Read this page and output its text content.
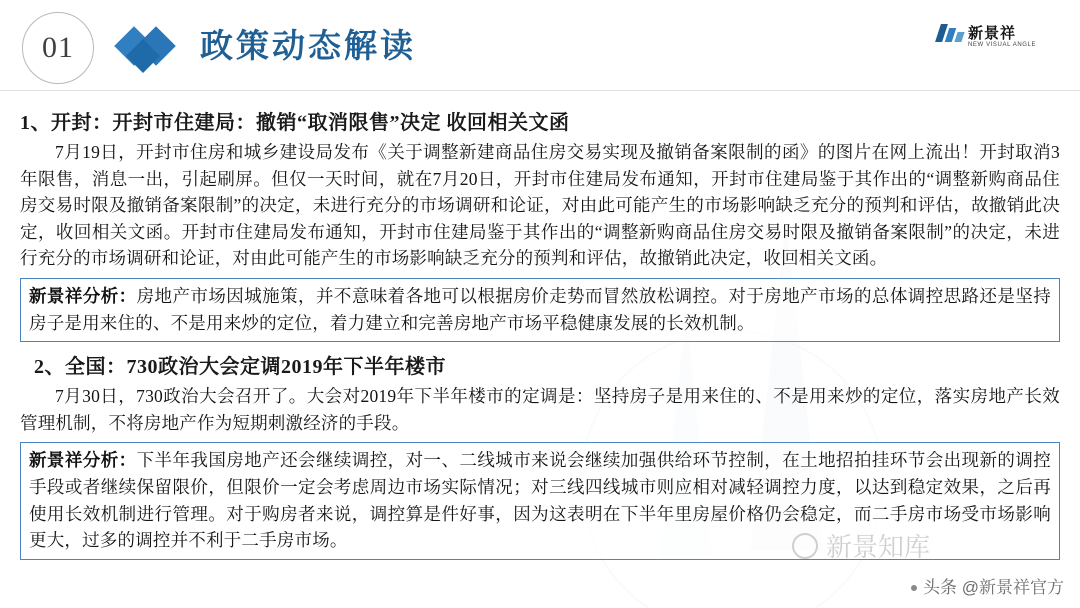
01	政策动态解读	新景祥
NEW VISUAL ANGLE
1、开封：开封市住建局：撤销“取消限售”决定 收回相关文函
7月19日，开封市住房和城乡建设局发布《关于调整新建商品住房交易实现及撤销备案限制的函》的图片在网上流出！开封取消3年限售，消息一出，引起刷屏。但仅一天时间，就在7月20日，开封市住建局发布通知，开封市住建局鉴于其作出的“调整新购商品住房交易时限及撤销备案限制”的决定，未进行充分的市场调研和论证，对由此可能产生的市场影响缺乏充分的预判和评估，故撤销此决定，收回相关文函。开封市住建局发布通知，开封市住建局鉴于其作出的“调整新购商品住房交易时限及撤销备案限制”的决定，未进行充分的市场调研和论证，对由此可能产生的市场影响缺乏充分的预判和评估，故撤销此决定，收回相关文函。
新景祥分析：房地产市场因城施策，并不意味着各地可以根据房价走势而冒然放松调控。对于房地产市场的总体调控思路还是坚持房子是用来住的、不是用来炒的定位，着力建立和完善房地产市场平稳健康发展的长效机制。
2、全国：730政治大会定调2019年下半年楼市
7月30日，730政治大会召开了。大会对2019年下半年楼市的定调是：坚持房子是用来住的、不是用来炒的定位，落实房地产长效管理机制，不将房地产作为短期刺激经济的手段。
新景祥分析：下半年我国房地产还会继续调控，对一、二线城市来说会继续加强供给环节控制，在土地招拍挂环节会出现新的调控手段或者继续保留限价，但限价一定会考虑周边市场实际情况；对三线四线城市则应相对减轻调控力度，以达到稳定效果，之后再使用长效机制进行管理。对于购房者来说，调控算是件好事，因为这表明在下半年里房屋价格仍会稳定，而二手房市场受市场影响更大，过多的调控并不利于二手房市场。	新景知库
头条 @新景祥官方
